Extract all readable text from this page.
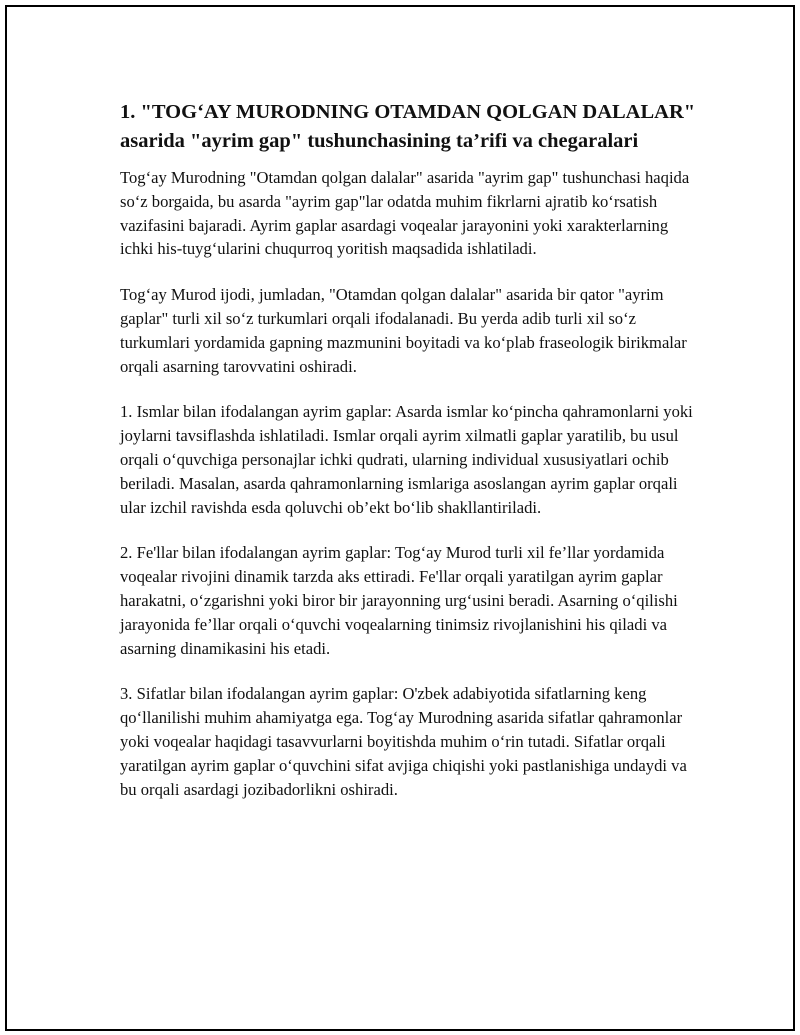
1. "TOG‘AY MURODNING OTAMDAN QOLGAN DALALAR" asarida "ayrim gap" tushunchasining ta’rifi va chegaralari

Tog‘ay Murodning "Otamdan qolgan dalalar" asarida "ayrim gap" tushunchasi haqida so‘z borgaida, bu asarda "ayrim gap"lar odatda muhim fikrlarni ajratib ko‘rsatish vazifasini bajaradi. Ayrim gaplar asardagi voqealar jarayonini yoki xarakterlarning ichki his-tuyg‘ularini chuqurroq yoritish maqsadida ishlatiladi.

Tog‘ay Murod ijodi, jumladan, "Otamdan qolgan dalalar" asarida bir qator "ayrim gaplar" turli xil so‘z turkumlari orqali ifodalanadi. Bu yerda adib turli xil so‘z turkumlari yordamida gapning mazmunini boyitadi va ko‘plab fraseologik birikmalar orqali asarning tarovvatini oshiradi.

1. Ismlar bilan ifodalangan ayrim gaplar: Asarda ismlar ko‘pincha qahramonlarni yoki joylarni tavsiflashda ishlatiladi. Ismlar orqali ayrim xilmatli gaplar yaratilib, bu usul orqali o‘quvchiga personajlar ichki qudrati, ularning individual xususiyatlari ochib beriladi. Masalan, asarda qahramonlarning ismlariga asoslangan ayrim gaplar orqali ular izchil ravishda esda qoluvchi ob’ekt bo‘lib shakllantiriladi.

2. Fe'llar bilan ifodalangan ayrim gaplar: Tog‘ay Murod turli xil fe’llar yordamida voqealar rivojini dinamik tarzda aks ettiradi. Fe'llar orqali yaratilgan ayrim gaplar harakatni, o‘zgarishni yoki biror bir jarayonning urg‘usini beradi. Asarning o‘qilishi jarayonida fe’llar orqali o‘quvchi voqealarning tinimsiz rivojlanishini his qiladi va asarning dinamikasini his etadi.

3. Sifatlar bilan ifodalangan ayrim gaplar: O'zbek adabiyotida sifatlarning keng qo‘llanilishi muhim ahamiyatga ega. Tog‘ay Murodning asarida sifatlar qahramonlar yoki voqealar haqidagi tasavvurlarni boyitishda muhim o‘rin tutadi. Sifatlar orqali yaratilgan ayrim gaplar o‘quvchini sifat avjiga chiqishi yoki pastlanishiga undaydi va bu orqali asardagi jozibadorlikni oshiradi.
